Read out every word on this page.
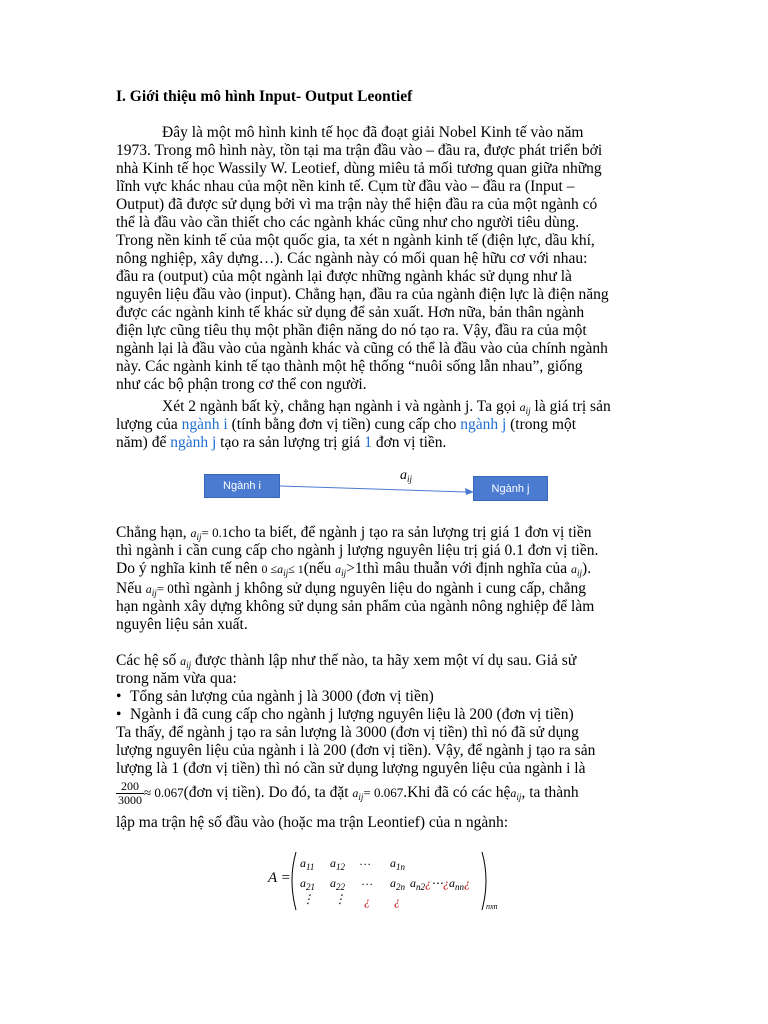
I. Giới thiệu mô hình Input- Output Leontief
Đây là một mô hình kinh tế học đã đoạt giải Nobel Kinh tế vào năm
1973. Trong mô hình này, tồn tại ma trận đầu vào – đầu ra, được phát triển bởi
nhà Kinh tế học Wassily W. Leotief, dùng miêu tả mối tương quan giữa những
lĩnh vực khác nhau của một nền kinh tế. Cụm từ đầu vào – đầu ra (Input –
Output) đã được sử dụng bởi vì ma trận này thể hiện đầu ra của một ngành có
thể là đầu vào cần thiết cho các ngành khác cũng như cho người tiêu dùng.
Trong nền kinh tế của một quốc gia, ta xét n ngành kinh tế (điện lực, dầu khí,
nông nghiệp, xây dựng…). Các ngành này có mối quan hệ hữu cơ với nhau:
đầu ra (output) của một ngành lại được những ngành khác sử dụng như là
nguyên liệu đầu vào (input). Chẳng hạn, đầu ra của ngành điện lực là điện năng
được các ngành kinh tế khác sử dụng để sản xuất. Hơn nữa, bản thân ngành
điện lực cũng tiêu thụ một phần điện năng do nó tạo ra. Vậy, đầu ra của một
ngành lại là đầu vào của ngành khác và cũng có thể là đầu vào của chính ngành
này. Các ngành kinh tế tạo thành một hệ thống “nuôi sống lẫn nhau”, giống
như các bộ phận trong cơ thể con người.
Xét 2 ngành bất kỳ, chẳng hạn ngành i và ngành j. Ta gọi $a_{ij}$ là giá trị sản
lượng của ngành i (tính bằng đơn vị tiền) cung cấp cho ngành j (trong một
năm) để ngành j tạo ra sản lượng trị giá 1 đơn vị tiền.
Ngành i	Ngành j
$a_{ij}$
Chẳng hạn, $a_{ij}= 0.1cho$ ta biết, để ngành j tạo ra sản lượng trị giá 1 đơn vị tiền
thì ngành i cần cung cấp cho ngành j lượng nguyên liệu trị giá 0.1 đơn vị tiền.
Do ý nghĩa kinh tế nên $0 \le a_{ij}\le$ 1(nếu $a_{ij}>1thì$ mâu thuẫn với định nghĩa của $a_{ij}$).
Nếu $a_{ij}=$ 0thì ngành j không sử dụng nguyên liệu do ngành i cung cấp, chẳng
hạn ngành xây dựng không sử dụng sản phẩm của ngành nông nghiệp để làm
nguyên liệu sản xuất.
Các hệ số $a_{ij}$ được thành lập như thế nào, ta hãy xem một ví dụ sau. Giả sử
trong năm vừa qua:
• Tổng sản lượng của ngành j là 3000 (đơn vị tiền)
• Ngành i đã cung cấp cho ngành j lượng nguyên liệu là 200 (đơn vị tiền)
Ta thấy, để ngành j tạo ra sản lượng là 3000 (đơn vị tiền) thì nó đã sử dụng
lượng nguyên liệu của ngành i là 200 (đơn vị tiền). Vậy, để ngành j tạo ra sản
lượng là 1 (đơn vị tiền) thì nó cần sử dụng lượng nguyên liệu của ngành i là
$\frac{200}{3000}$ ≈ 0.067(đơn vị tiền). Do đó, ta đặt $a_{ij}= 0.067.Khi$ đã có các hệa$_{ij}$, ta thành
lập ma trận hệ số đầu vào (hoặc ma trận Leontief) của n ngành:
A =
$a_{11}$ $a_{12}$ … $a_{1n}$
$a_{21}$ $a_{22}$ … $a_{2n}$ $a_{n2}¿\cdots¿a_{nn}¿$
⋮ ⋮ ¿ ¿	nxn
